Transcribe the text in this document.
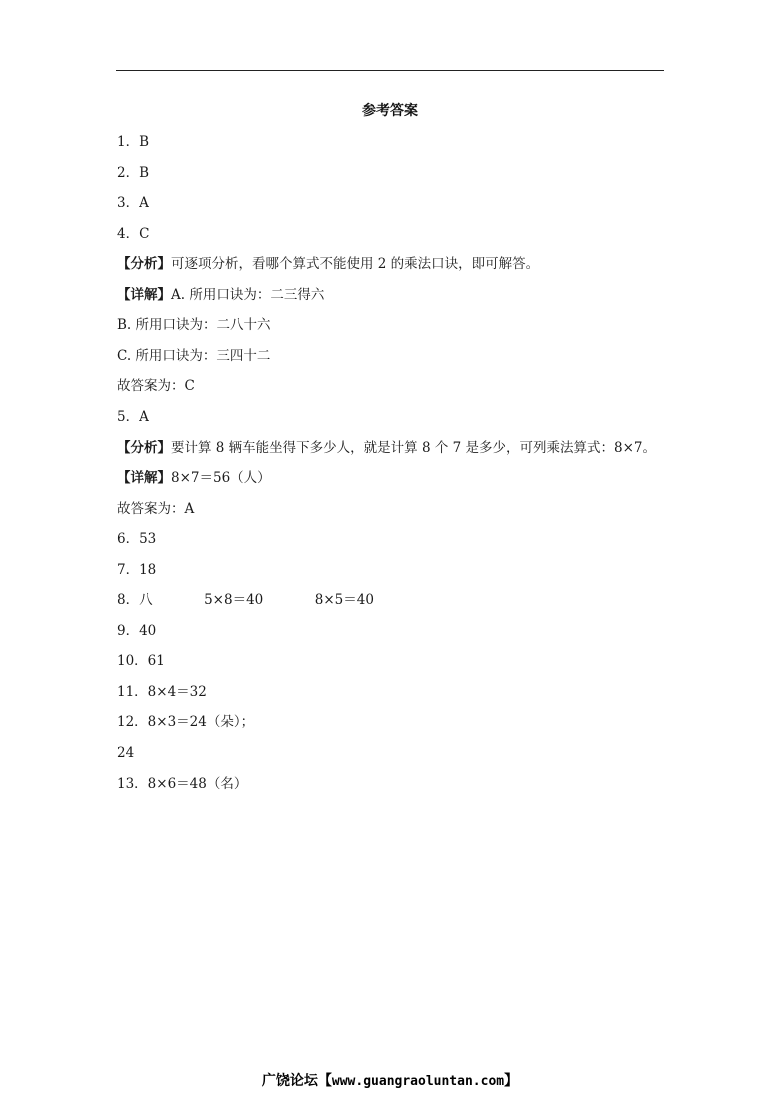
参考答案
1．B
2．B
3．A
4．C
【分析】可逐项分析，看哪个算式不能使用 2 的乘法口诀，即可解答。
【详解】A. 所用口诀为：二三得六
B. 所用口诀为：二八十六
C. 所用口诀为：三四十二
故答案为：C
5．A
【分析】要计算 8 辆车能坐得下多少人，就是计算 8 个 7 是多少，可列乘法算式：8×7。
【详解】8×7＝56（人）
故答案为：A
6．53
7．18
8．八            5×8＝40            8×5＝40
9．40
10．61
11．8×4＝32
12．8×3＝24（朵）；
24
13．8×6＝48（名）
广饶论坛【www.guangraoluntan.com】
